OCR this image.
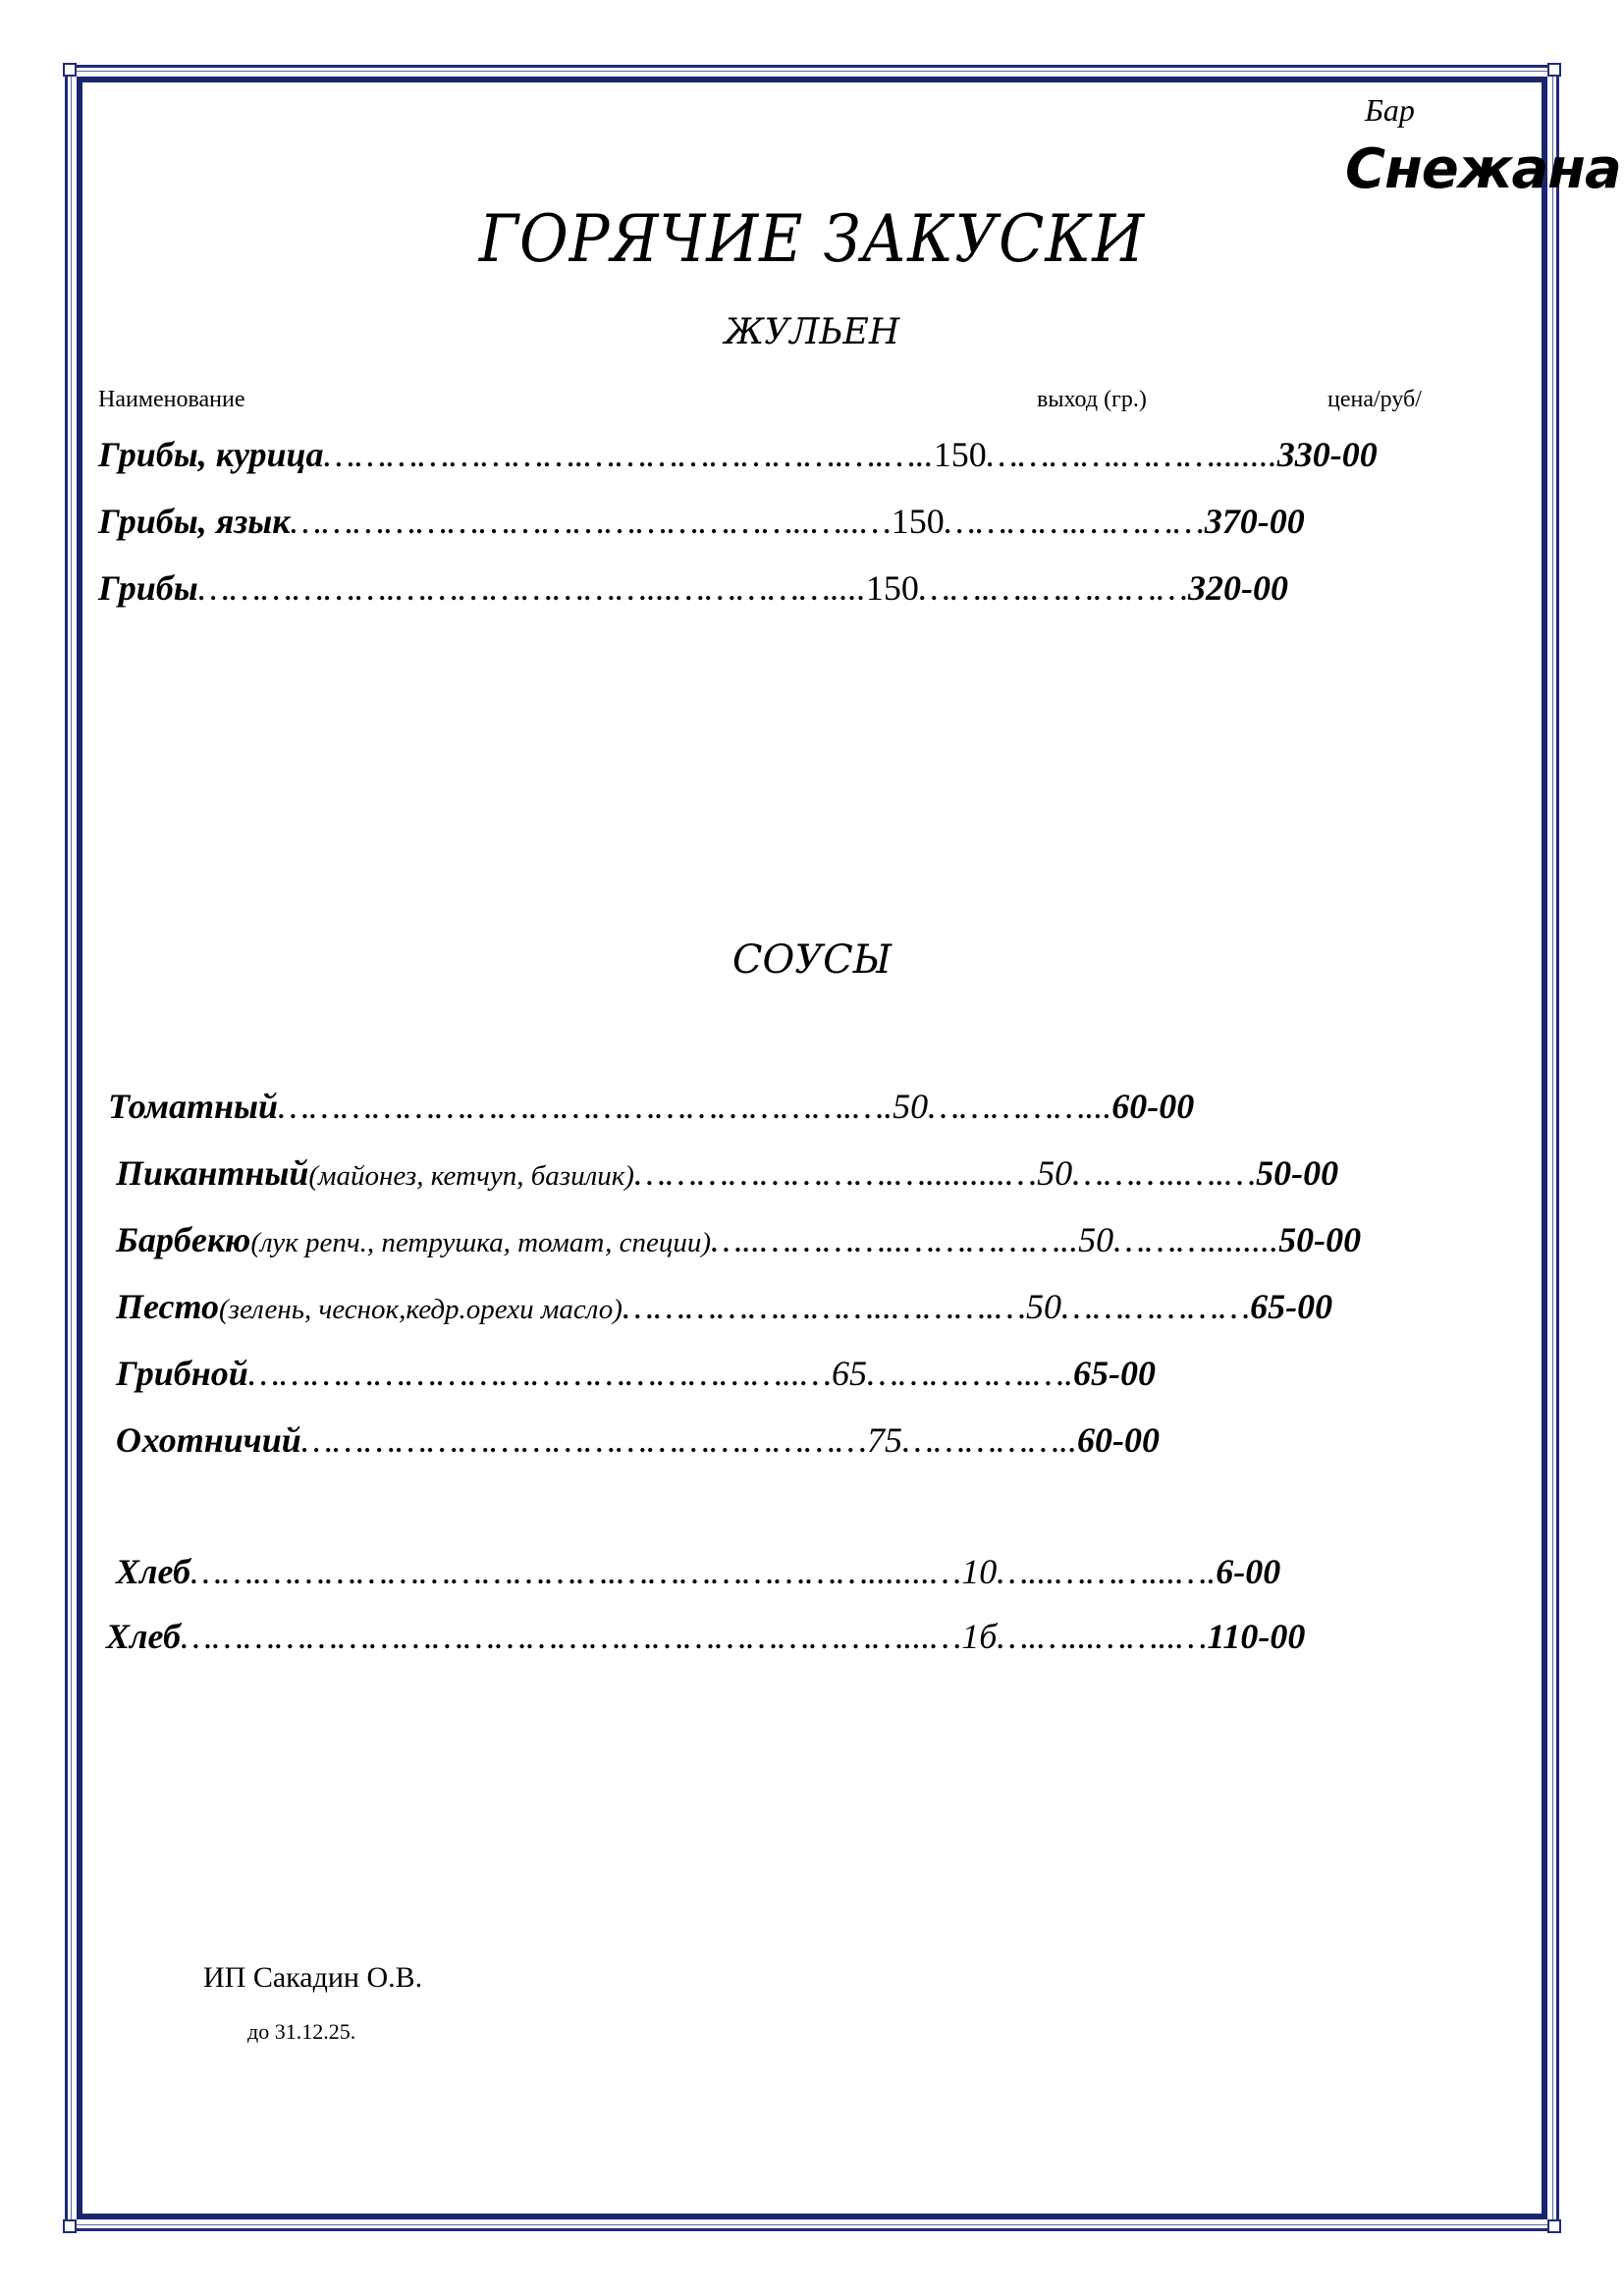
Бар
Снежана
ГОРЯЧИЕ ЗАКУСКИ
ЖУЛЬЕН
Наименование	выход (гр.)	цена/руб/
Грибы, курица…………………….…………………….….…..150………….……….......330-00
Грибы, язык…………………………………………..…..…150………….…………370-00
Грибы……………….……………………...……………....150…….….……………320-00
СОУСЫ
Томатный……………………………………………….….50……………...60-00
Пикантный(майонез, кетчуп, базилик)…………………….….........…50………..….…50-00
Барбекю(лук репч., петрушка, томат, специи)…..…………..……………..50………........50-00
Песто(зелень, чеснок,кедр.орехи масло)……………………..……….…50………………65-00
Грибной……………………………………………..…65…………….….65-00
Охотничий………………………………………………75……………..60-00
Хлеб…….…………………………….…………………….......…10…...………...….6-00
Хлеб……………………………………………………………...…1б….…...……..…110-00
ИП Сакадин О.В.
до 31.12.25.
